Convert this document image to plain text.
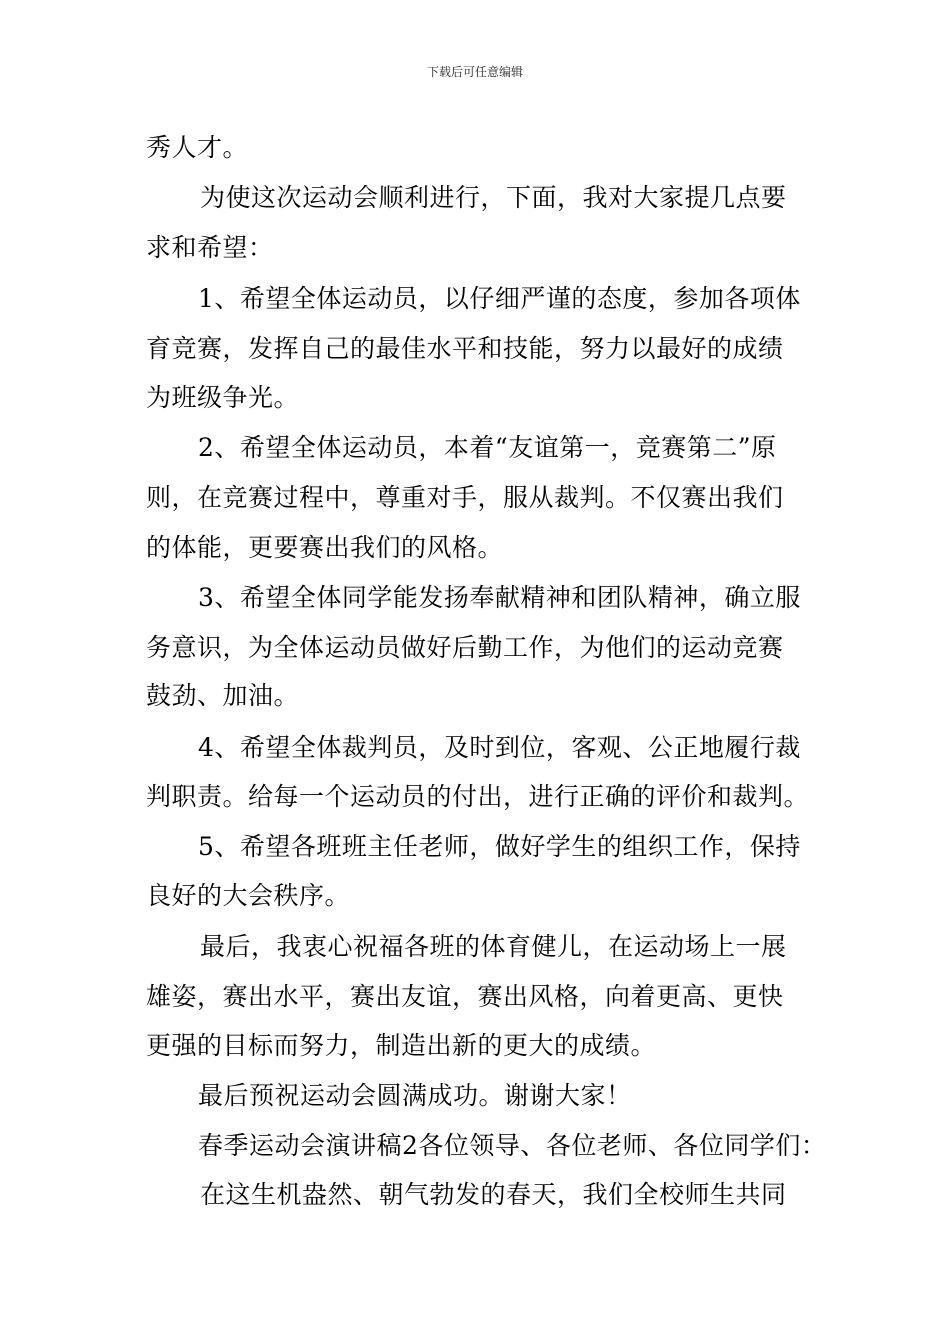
下载后可任意编辑
秀人才。
为使这次运动会顺利进行，下面，我对大家提几点要
求和希望：
1、希望全体运动员，以仔细严谨的态度，参加各项体
育竞赛，发挥自己的最佳水平和技能，努力以最好的成绩
为班级争光。
2、希望全体运动员，本着“友谊第一，竞赛第二”原
则，在竞赛过程中，尊重对手，服从裁判。不仅赛出我们
的体能，更要赛出我们的风格。
3、希望全体同学能发扬奉献精神和团队精神，确立服
务意识，为全体运动员做好后勤工作，为他们的运动竞赛
鼓劲、加油。
4、希望全体裁判员，及时到位，客观、公正地履行裁
判职责。给每一个运动员的付出，进行正确的评价和裁判。
5、希望各班班主任老师，做好学生的组织工作，保持
良好的大会秩序。
最后，我衷心祝福各班的体育健儿，在运动场上一展
雄姿，赛出水平，赛出友谊，赛出风格，向着更高、更快
更强的目标而努力，制造出新的更大的成绩。
最后预祝运动会圆满成功。谢谢大家！
春季运动会演讲稿2各位领导、各位老师、各位同学们：
在这生机盎然、朝气勃发的春天，我们全校师生共同
